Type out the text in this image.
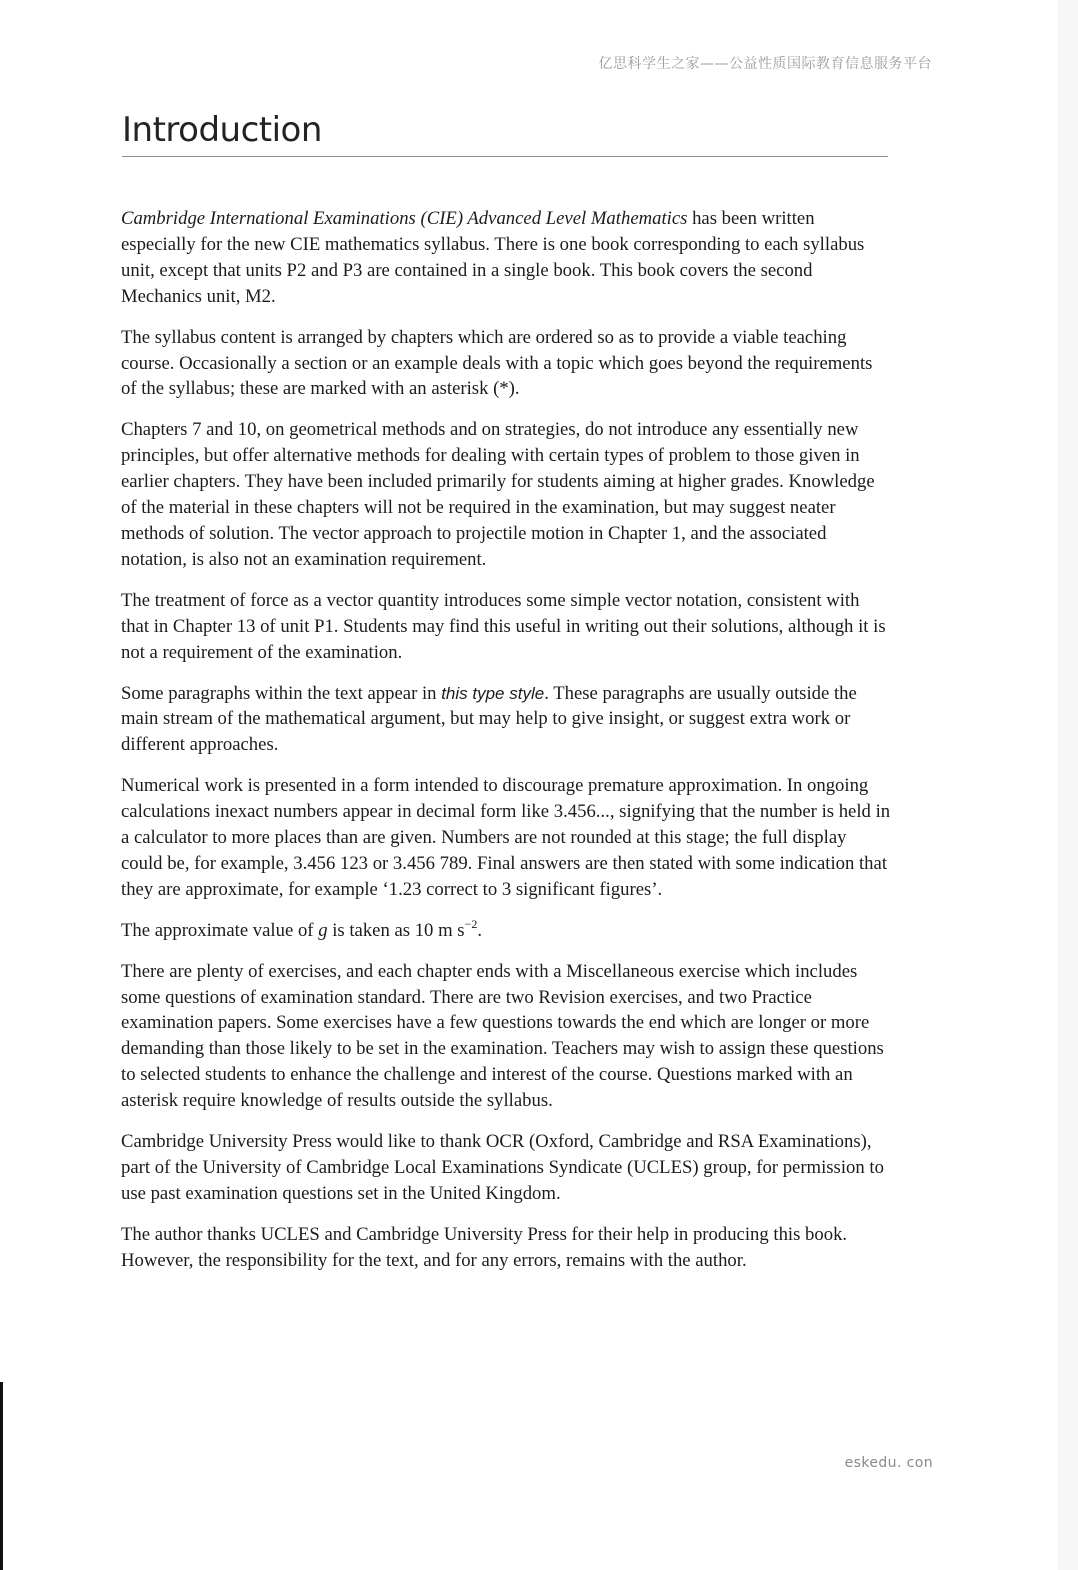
亿思科学生之家——公益性质国际教育信息服务平台
Introduction

Cambridge International Examinations (CIE) Advanced Level Mathematics has been written especially for the new CIE mathematics syllabus. There is one book corresponding to each syllabus unit, except that units P2 and P3 are contained in a single book. This book covers the second Mechanics unit, M2.

The syllabus content is arranged by chapters which are ordered so as to provide a viable teaching course. Occasionally a section or an example deals with a topic which goes beyond the requirements of the syllabus; these are marked with an asterisk (*).

Chapters 7 and 10, on geometrical methods and on strategies, do not introduce any essentially new principles, but offer alternative methods for dealing with certain types of problem to those given in earlier chapters. They have been included primarily for students aiming at higher grades. Knowledge of the material in these chapters will not be required in the examination, but may suggest neater methods of solution. The vector approach to projectile motion in Chapter 1, and the associated notation, is also not an examination requirement.

The treatment of force as a vector quantity introduces some simple vector notation, consistent with that in Chapter 13 of unit P1. Students may find this useful in writing out their solutions, although it is not a requirement of the examination.

Some paragraphs within the text appear in this type style. These paragraphs are usually outside the main stream of the mathematical argument, but may help to give insight, or suggest extra work or different approaches.

Numerical work is presented in a form intended to discourage premature approximation. In ongoing calculations inexact numbers appear in decimal form like 3.456..., signifying that the number is held in a calculator to more places than are given. Numbers are not rounded at this stage; the full display could be, for example, 3.456 123 or 3.456 789. Final answers are then stated with some indication that they are approximate, for example ‘1.23 correct to 3 significant figures’.

The approximate value of g is taken as 10 m $s^{-2}$.

There are plenty of exercises, and each chapter ends with a Miscellaneous exercise which includes some questions of examination standard. There are two Revision exercises, and two Practice examination papers. Some exercises have a few questions towards the end which are longer or more demanding than those likely to be set in the examination. Teachers may wish to assign these questions to selected students to enhance the challenge and interest of the course. Questions marked with an asterisk require knowledge of results outside the syllabus.

Cambridge University Press would like to thank OCR (Oxford, Cambridge and RSA Examinations), part of the University of Cambridge Local Examinations Syndicate (UCLES) group, for permission to use past examination questions set in the United Kingdom.

The author thanks UCLES and Cambridge University Press for their help in producing this book. However, the responsibility for the text, and for any errors, remains with the author.

eskedu. con
